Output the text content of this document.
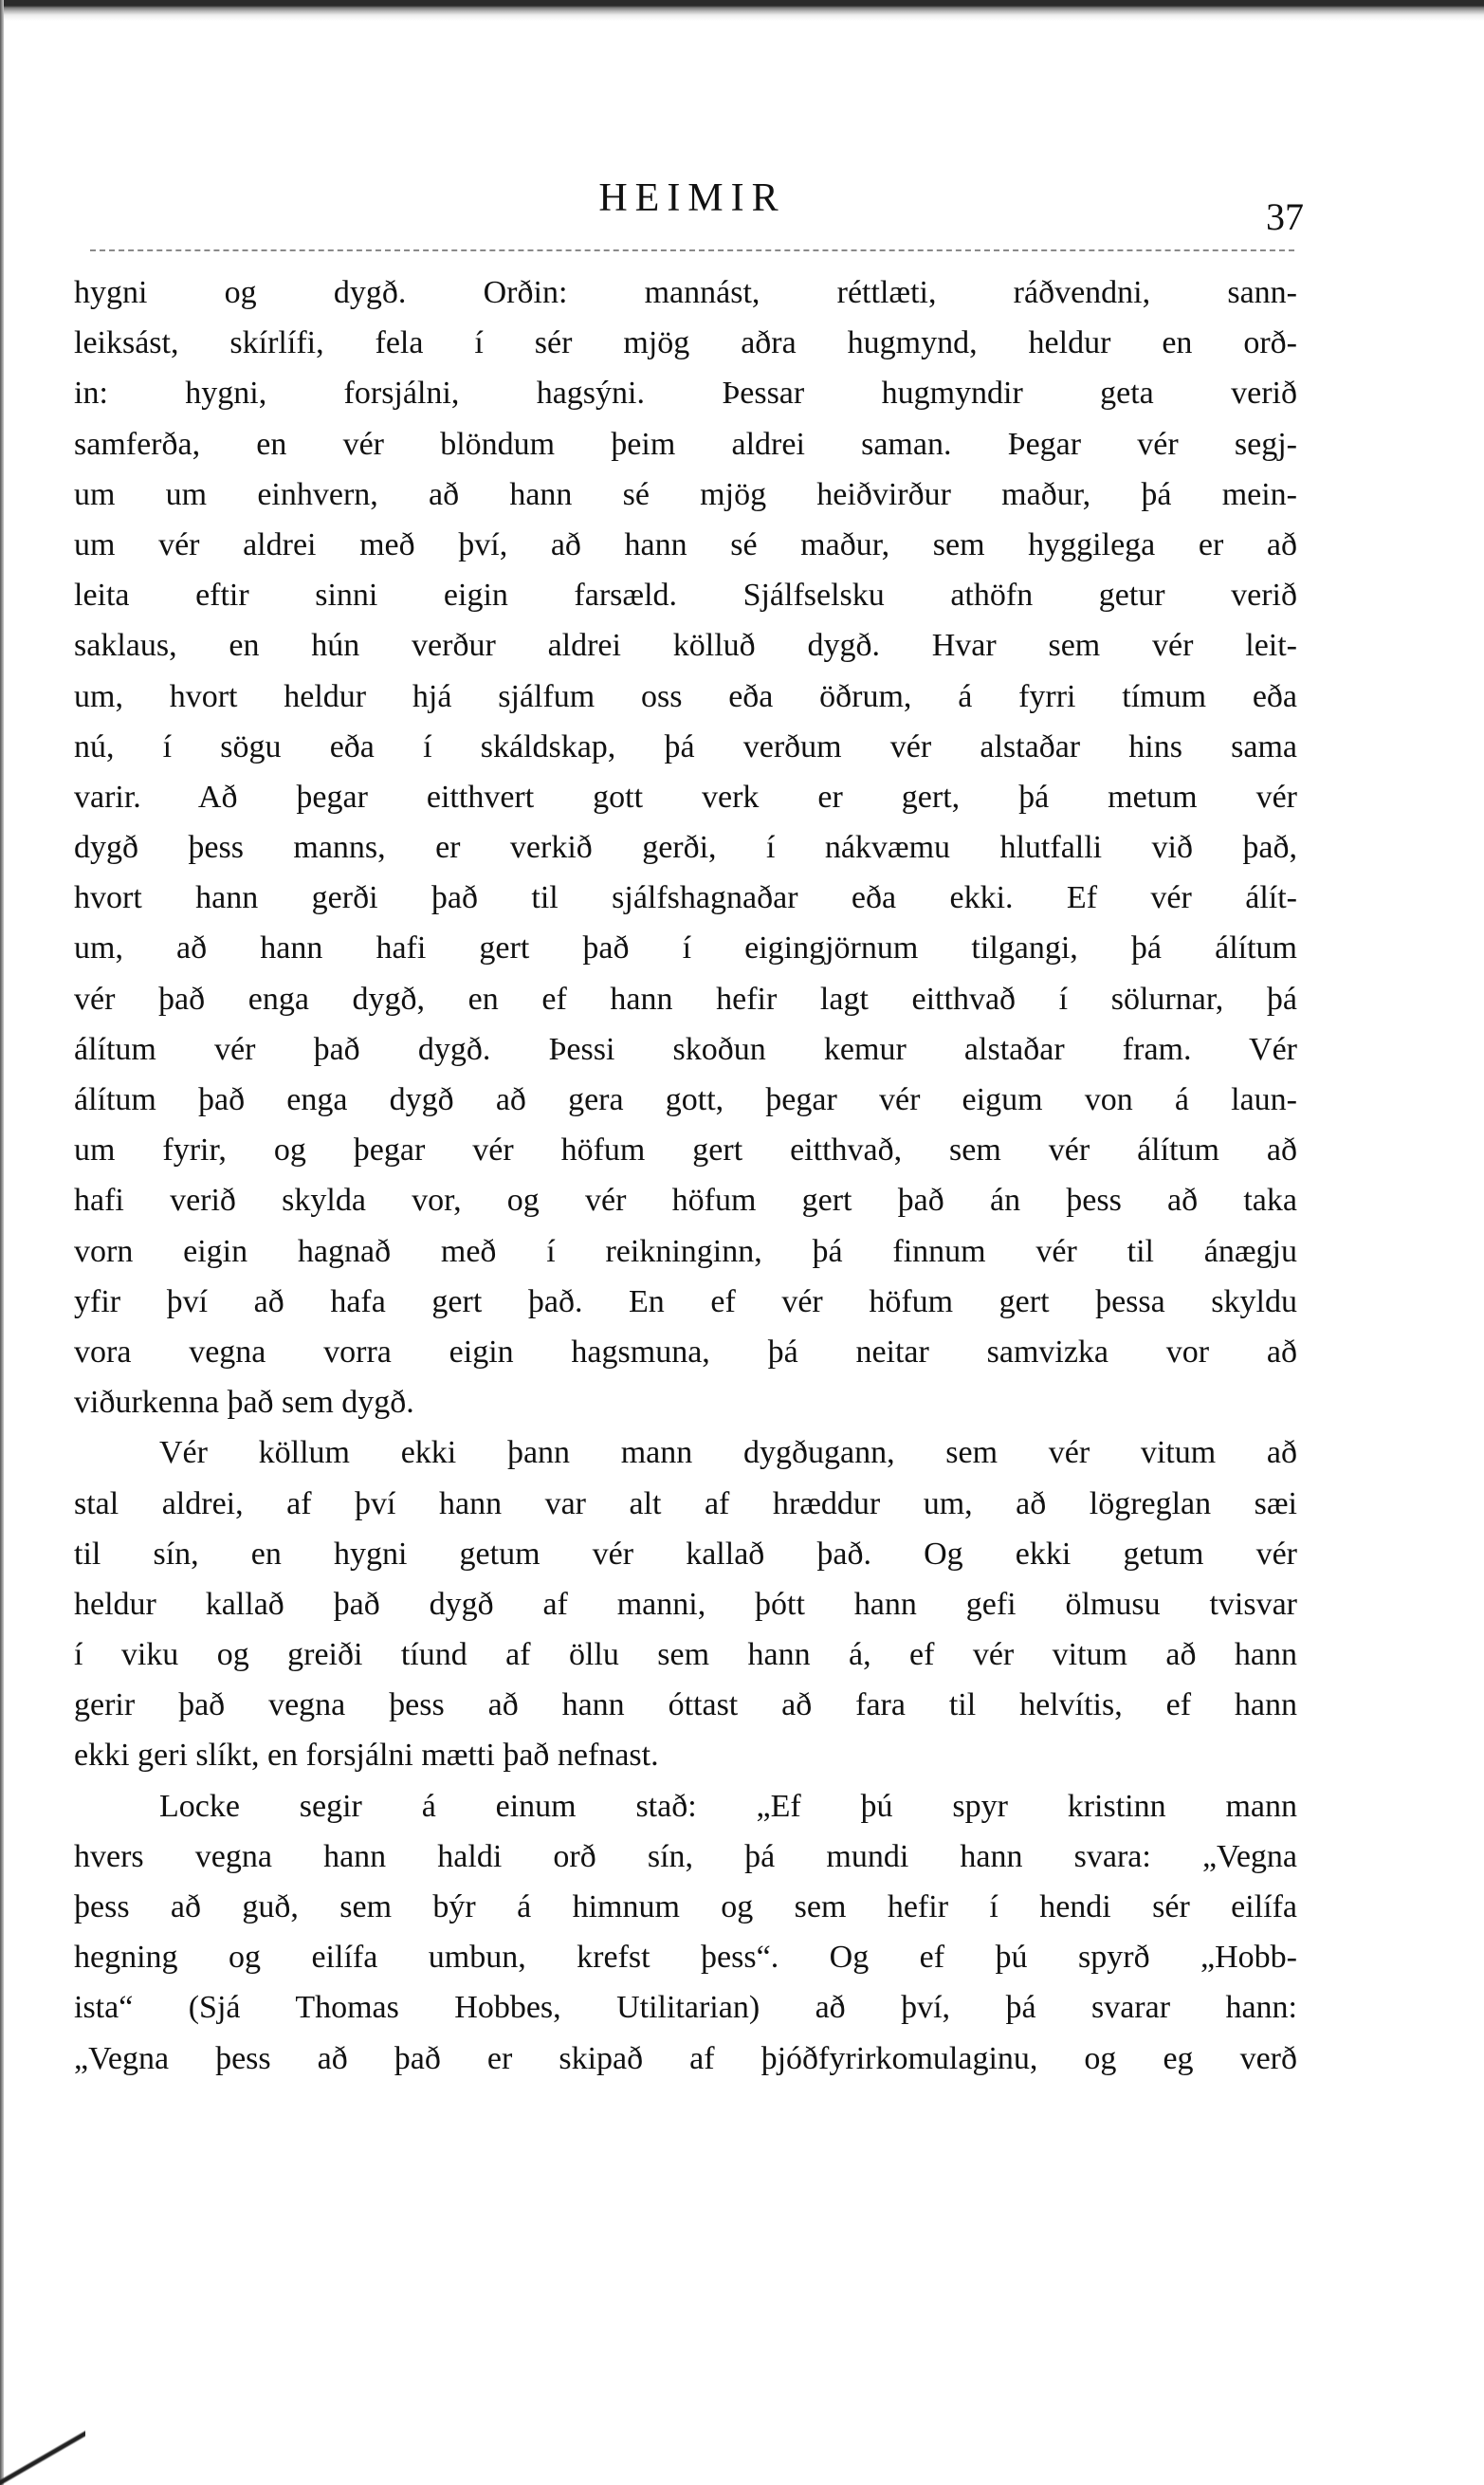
HEIMIR	37
hygni og dygð. Orðin: mannást, réttlæti, ráðvendni, sann-
leiksást, skírlífi, fela í sér mjög aðra hugmynd, heldur en orð-
in: hygni, forsjálni, hagsýni. Þessar hugmyndir geta verið
samferða, en vér blöndum þeim aldrei saman. Þegar vér segj-
um um einhvern, að hann sé mjög heiðvirður maður, þá mein-
um vér aldrei með því, að hann sé maður, sem hyggilega er að
leita eftir sinni eigin farsæld. Sjálfselsku athöfn getur verið
saklaus, en hún verður aldrei kölluð dygð. Hvar sem vér leit-
um, hvort heldur hjá sjálfum oss eða öðrum, á fyrri tímum eða
nú, í sögu eða í skáldskap, þá verðum vér alstaðar hins sama
varir. Að þegar eitthvert gott verk er gert, þá metum vér
dygð þess manns, er verkið gerði, í nákvæmu hlutfalli við það,
hvort hann gerði það til sjálfshagnaðar eða ekki. Ef vér álít-
um, að hann hafi gert það í eigingjörnum tilgangi, þá álítum
vér það enga dygð, en ef hann hefir lagt eitthvað í sölurnar, þá
álítum vér það dygð. Þessi skoðun kemur alstaðar fram. Vér
álítum það enga dygð að gera gott, þegar vér eigum von á laun-
um fyrir, og þegar vér höfum gert eitthvað, sem vér álítum að
hafi verið skylda vor, og vér höfum gert það án þess að taka
vorn eigin hagnað með í reikninginn, þá finnum vér til ánægju
yfir því að hafa gert það. En ef vér höfum gert þessa skyldu
vora vegna vorra eigin hagsmuna, þá neitar samvizka vor að
viðurkenna það sem dygð.
Vér köllum ekki þann mann dygðugann, sem vér vitum að
stal aldrei, af því hann var alt af hræddur um, að lögreglan sæi
til sín, en hygni getum vér kallað það. Og ekki getum vér
heldur kallað það dygð af manni, þótt hann gefi ölmusu tvisvar
í viku og greiði tíund af öllu sem hann á, ef vér vitum að hann
gerir það vegna þess að hann óttast að fara til helvítis, ef hann
ekki geri slíkt, en forsjálni mætti það nefnast.
Locke segir á einum stað: „Ef þú spyr kristinn mann
hvers vegna hann haldi orð sín, þá mundi hann svara: „Vegna
þess að guð, sem býr á himnum og sem hefir í hendi sér eilífa
hegning og eilífa umbun, krefst þess“. Og ef þú spyrð „Hobb-
ista“ (Sjá Thomas Hobbes, Utilitarian) að því, þá svarar hann:
„Vegna þess að það er skipað af þjóðfyrirkomulaginu, og eg verð
